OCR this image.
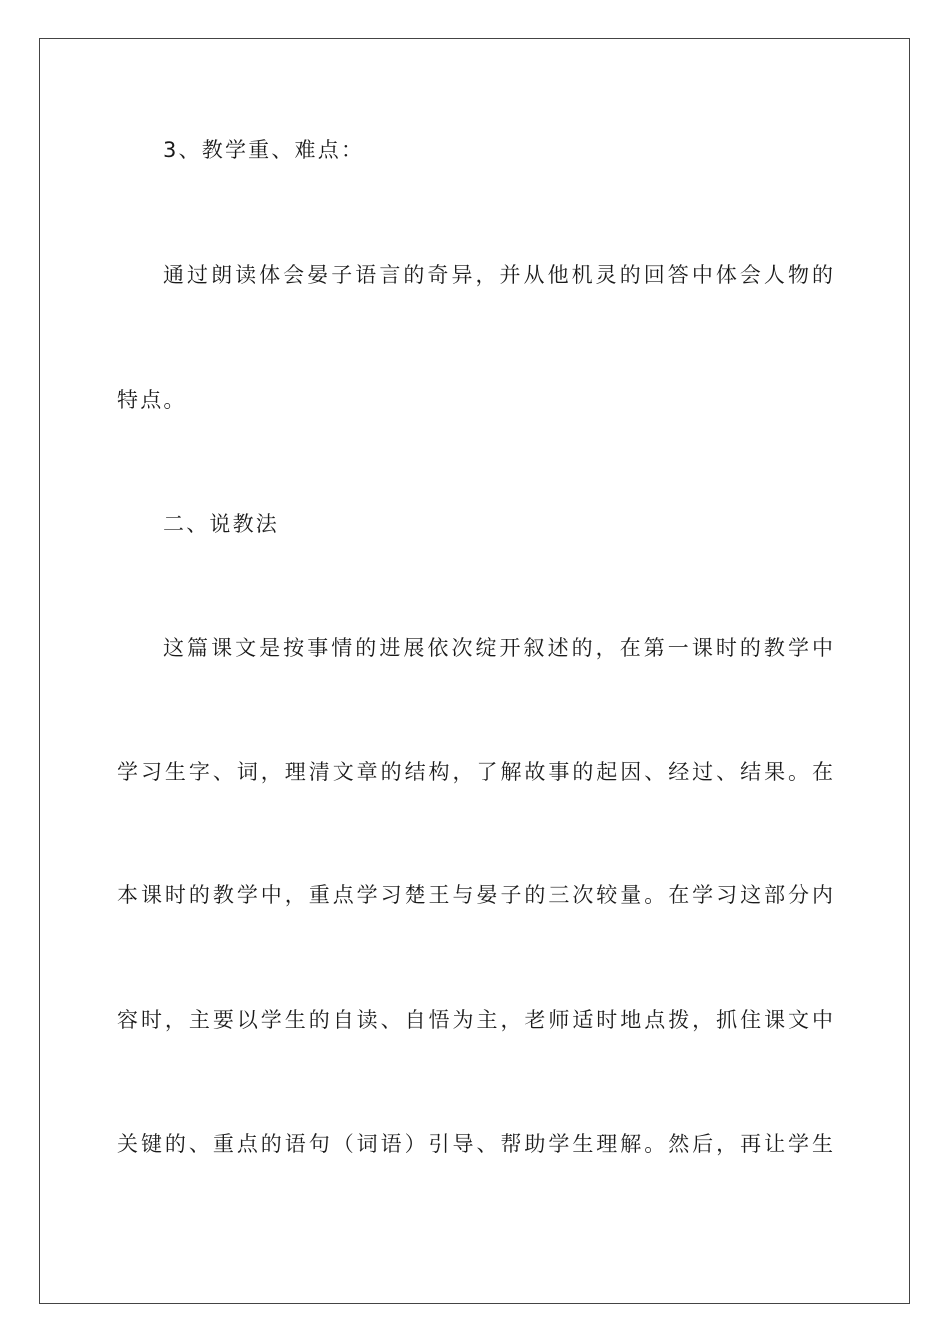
3、教学重、难点：
通过朗读体会晏子语言的奇异，并从他机灵的回答中体会人物的
特点。
二、说教法
这篇课文是按事情的进展依次绽开叙述的，在第一课时的教学中
学习生字、词，理清文章的结构，了解故事的起因、经过、结果。在
本课时的教学中，重点学习楚王与晏子的三次较量。在学习这部分内
容时，主要以学生的自读、自悟为主，老师适时地点拨，抓住课文中
关键的、重点的语句（词语）引导、帮助学生理解。然后，再让学生
